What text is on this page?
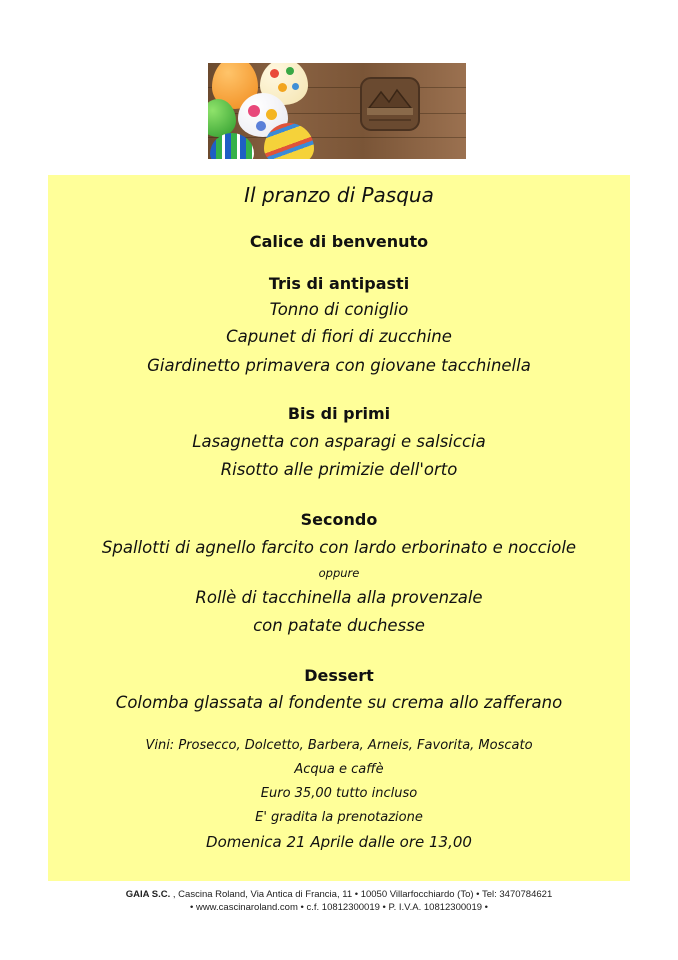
Il pranzo di Pasqua
Calice di benvenuto
Tris di antipasti
Tonno di coniglio
Capunet di fiori di zucchine
Giardinetto primavera con giovane tacchinella
Bis di primi
Lasagnetta con asparagi e salsiccia
Risotto alle primizie dell'orto
Secondo
Spallotti di agnello farcito con lardo erborinato e nocciole
oppure
Rollè di tacchinella alla provenzale
con patate duchesse
Dessert
Colomba glassata al fondente su crema allo zafferano
Vini: Prosecco, Dolcetto, Barbera, Arneis, Favorita, Moscato
Acqua e caffè
Euro 35,00 tutto incluso
E' gradita la prenotazione
Domenica 21 Aprile dalle ore 13,00
GAIA S.C. , Cascina Roland, Via Antica di Francia, 11 • 10050 Villarfocchiardo (To) • Tel: 3470784621
• www.cascinaroland.com • c.f. 10812300019 • P. I.V.A. 10812300019 •
